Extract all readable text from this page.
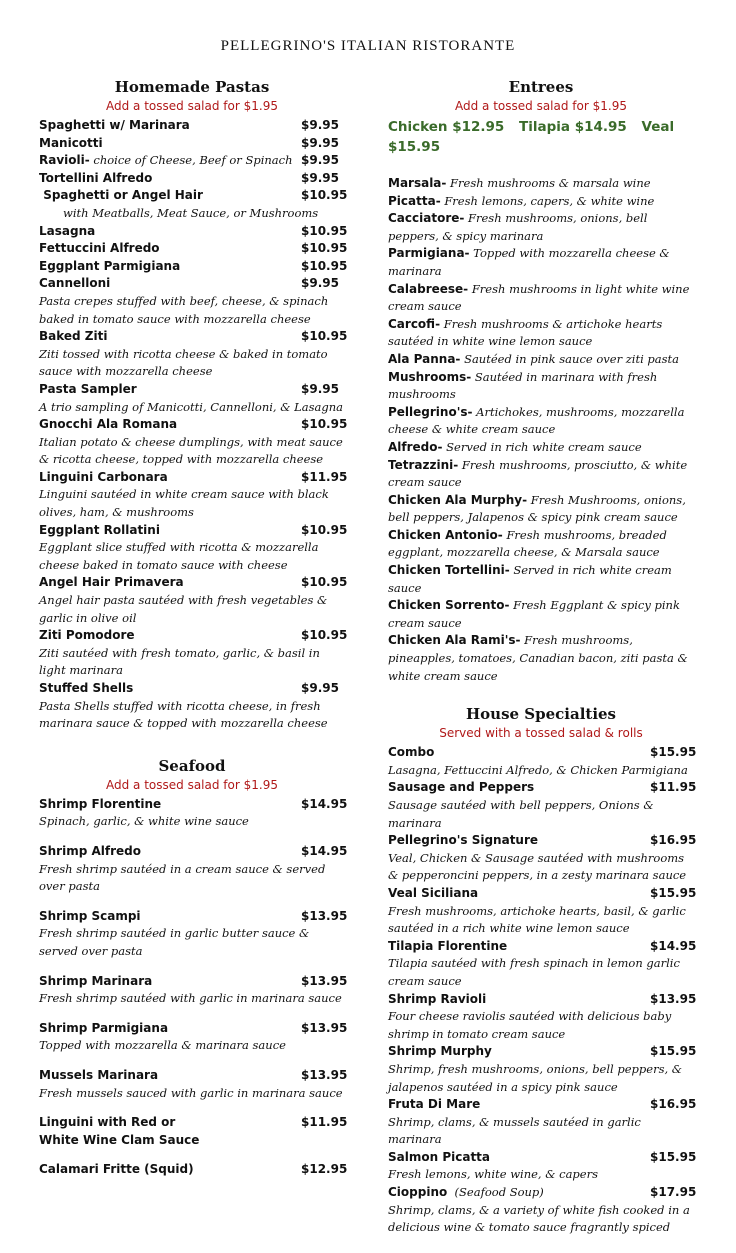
PELLEGRINO'S ITALIAN RISTORANTE
Homemade Pastas
Add a tossed salad for $1.95
Spaghetti w/ Marinara	$9.95
Manicotti	$9.95
Ravioli- choice of Cheese, Beef or Spinach $9.95
Tortellini Alfredo	$9.95
Spaghetti or Angel Hair	$10.95
with Meatballs, Meat Sauce, or Mushrooms
Lasagna	$10.95
Fettuccini Alfredo	$10.95
Eggplant Parmigiana	$10.95
Cannelloni	$9.95
Pasta crepes stuffed with beef, cheese, & spinach baked in tomato sauce with mozzarella cheese
Baked Ziti	$10.95
Ziti tossed with ricotta cheese & baked in tomato sauce with mozzarella cheese
Pasta Sampler	$9.95
A trio sampling of Manicotti, Cannelloni, & Lasagna
Gnocchi Ala Romana	$10.95
Italian potato & cheese dumplings, with meat sauce & ricotta cheese, topped with mozzarella cheese
Linguini Carbonara	$11.95
Linguini sautéed in white cream sauce with black olives, ham, & mushrooms
Eggplant Rollatini	$10.95
Eggplant slice stuffed with ricotta & mozzarella cheese baked in tomato sauce with cheese
Angel Hair Primavera	$10.95
Angel hair pasta sautéed with fresh vegetables & garlic in olive oil
Ziti Pomodore	$10.95
Ziti sautéed with fresh tomato, garlic, & basil in light marinara
Stuffed Shells	$9.95
Pasta Shells stuffed with ricotta cheese, in fresh marinara sauce & topped with mozzarella cheese
Seafood
Add a tossed salad for $1.95
Shrimp Florentine	$14.95
Spinach, garlic, & white wine sauce
Shrimp Alfredo	$14.95
Fresh shrimp sautéed in a cream sauce & served over pasta
Shrimp Scampi	$13.95
Fresh shrimp sautéed in garlic butter sauce & served over pasta
Shrimp Marinara	$13.95
Fresh shrimp sautéed with garlic in marinara sauce
Shrimp Parmigiana	$13.95
Topped with mozzarella & marinara sauce
Mussels Marinara	$13.95
Fresh mussels sauced with garlic in marinara sauce
Linguini with Red or
White Wine Clam Sauce
$11.95
Calamari Fritte (Squid)	$12.95
Entrees
Add a tossed salad for $1.95
Chicken $12.95 Tilapia $14.95 Veal $15.95
Marsala- Fresh mushrooms & marsala wine
Picatta- Fresh lemons, capers, & white wine
Cacciatore- Fresh mushrooms, onions, bell peppers, & spicy marinara
Parmigiana- Topped with mozzarella cheese & marinara
Calabreese- Fresh mushrooms in light white wine cream sauce
Carcofi- Fresh mushrooms & artichoke hearts sautéed in white wine lemon sauce
Ala Panna- Sautéed in pink sauce over ziti pasta
Mushrooms- Sautéed in marinara with fresh mushrooms
Pellegrino's- Artichokes, mushrooms, mozzarella cheese & white cream sauce
Alfredo- Served in rich white cream sauce
Tetrazzini- Fresh mushrooms, prosciutto, & white cream sauce
Chicken Ala Murphy- Fresh Mushrooms, onions, bell peppers, Jalapenos & spicy pink cream sauce
Chicken Antonio- Fresh mushrooms, breaded eggplant, mozzarella cheese, & Marsala sauce
Chicken Tortellini- Served in rich white cream sauce
Chicken Sorrento- Fresh Eggplant & spicy pink cream sauce
Chicken Ala Rami's- Fresh mushrooms, pineapples, tomatoes, Canadian bacon, ziti pasta & white cream sauce
House Specialties
Served with a tossed salad & rolls
Combo	$15.95
Lasagna, Fettuccini Alfredo, & Chicken Parmigiana
Sausage and Peppers	$11.95
Sausage sautéed with bell peppers, Onions & marinara
Pellegrino's Signature	$16.95
Veal, Chicken & Sausage sautéed with mushrooms & pepperoncini peppers, in a zesty marinara sauce
Veal Siciliana	$15.95
Fresh mushrooms, artichoke hearts, basil, & garlic sautéed in a rich white wine lemon sauce
Tilapia Florentine	$14.95
Tilapia sautéed with fresh spinach in lemon garlic cream sauce
Shrimp Ravioli	$13.95
Four cheese raviolis sautéed with delicious baby shrimp in tomato cream sauce
Shrimp Murphy	$15.95
Shrimp, fresh mushrooms, onions, bell peppers, & jalapenos sautéed in a spicy pink sauce
Fruta Di Mare	$16.95
Shrimp, clams, & mussels sautéed in garlic marinara
Salmon Picatta	$15.95
Fresh lemons, white wine, & capers
Cioppino  (Seafood Soup)	$17.95
Shrimp, clams, & a variety of white fish cooked in a delicious wine & tomato sauce fragrantly spiced
